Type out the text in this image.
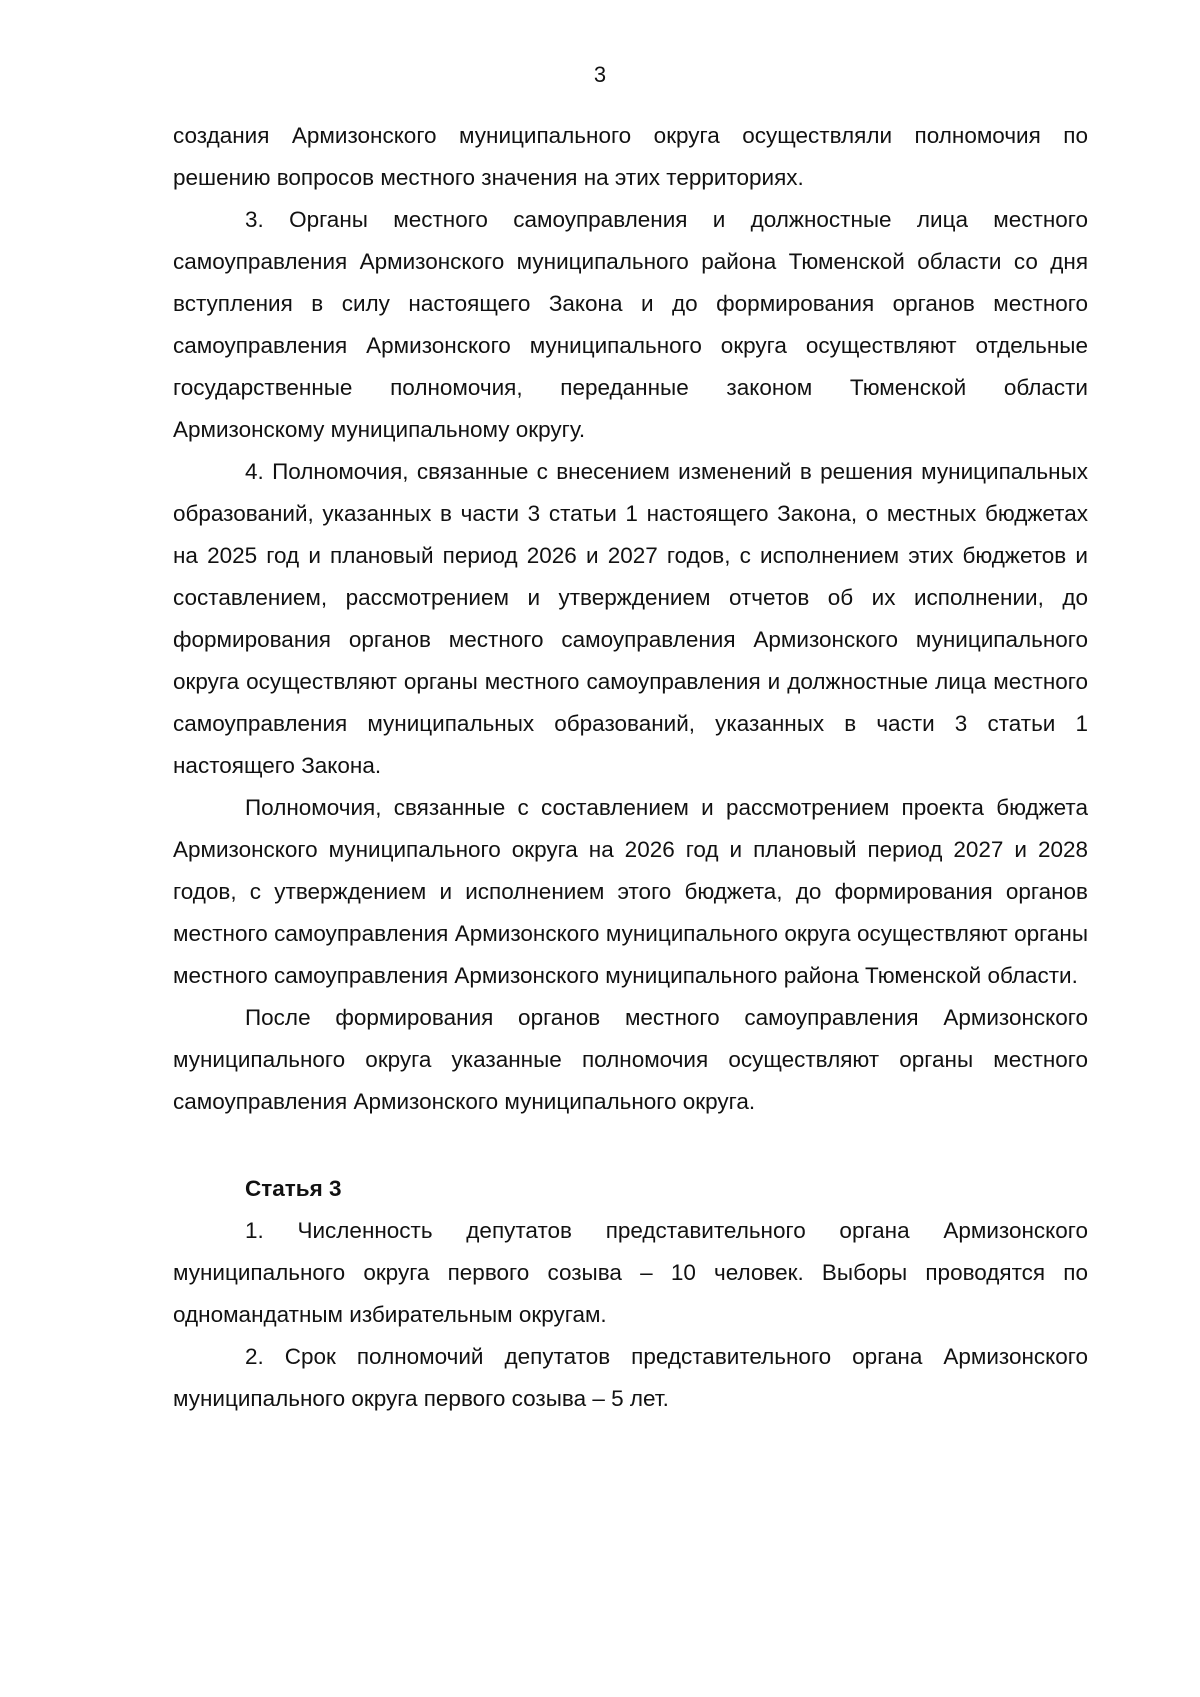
3

создания Армизонского муниципального округа осуществляли полномочия по решению вопросов местного значения на этих территориях.

3. Органы местного самоуправления и должностные лица местного самоуправления Армизонского муниципального района Тюменской области со дня вступления в силу настоящего Закона и до формирования органов местного самоуправления Армизонского муниципального округа осуществляют отдельные государственные полномочия, переданные законом Тюменской области Армизонскому муниципальному округу.

4. Полномочия, связанные с внесением изменений в решения муниципальных образований, указанных в части 3 статьи 1 настоящего Закона, о местных бюджетах на 2025 год и плановый период 2026 и 2027 годов, с исполнением этих бюджетов и составлением, рассмотрением и утверждением отчетов об их исполнении, до формирования органов местного самоуправления Армизонского муниципального округа осуществляют органы местного самоуправления и должностные лица местного самоуправления муниципальных образований, указанных в части 3 статьи 1 настоящего Закона.

Полномочия, связанные с составлением и рассмотрением проекта бюджета Армизонского муниципального округа на 2026 год и плановый период 2027 и 2028 годов, с утверждением и исполнением этого бюджета, до формирования органов местного самоуправления Армизонского муниципального округа осуществляют органы местного самоуправления Армизонского муниципального района Тюменской области.

После формирования органов местного самоуправления Армизонского муниципального округа указанные полномочия осуществляют органы местного самоуправления Армизонского муниципального округа.

Статья 3

1. Численность депутатов представительного органа Армизонского муниципального округа первого созыва – 10 человек. Выборы проводятся по одномандатным избирательным округам.

2. Срок полномочий депутатов представительного органа Армизонского муниципального округа первого созыва – 5 лет.
